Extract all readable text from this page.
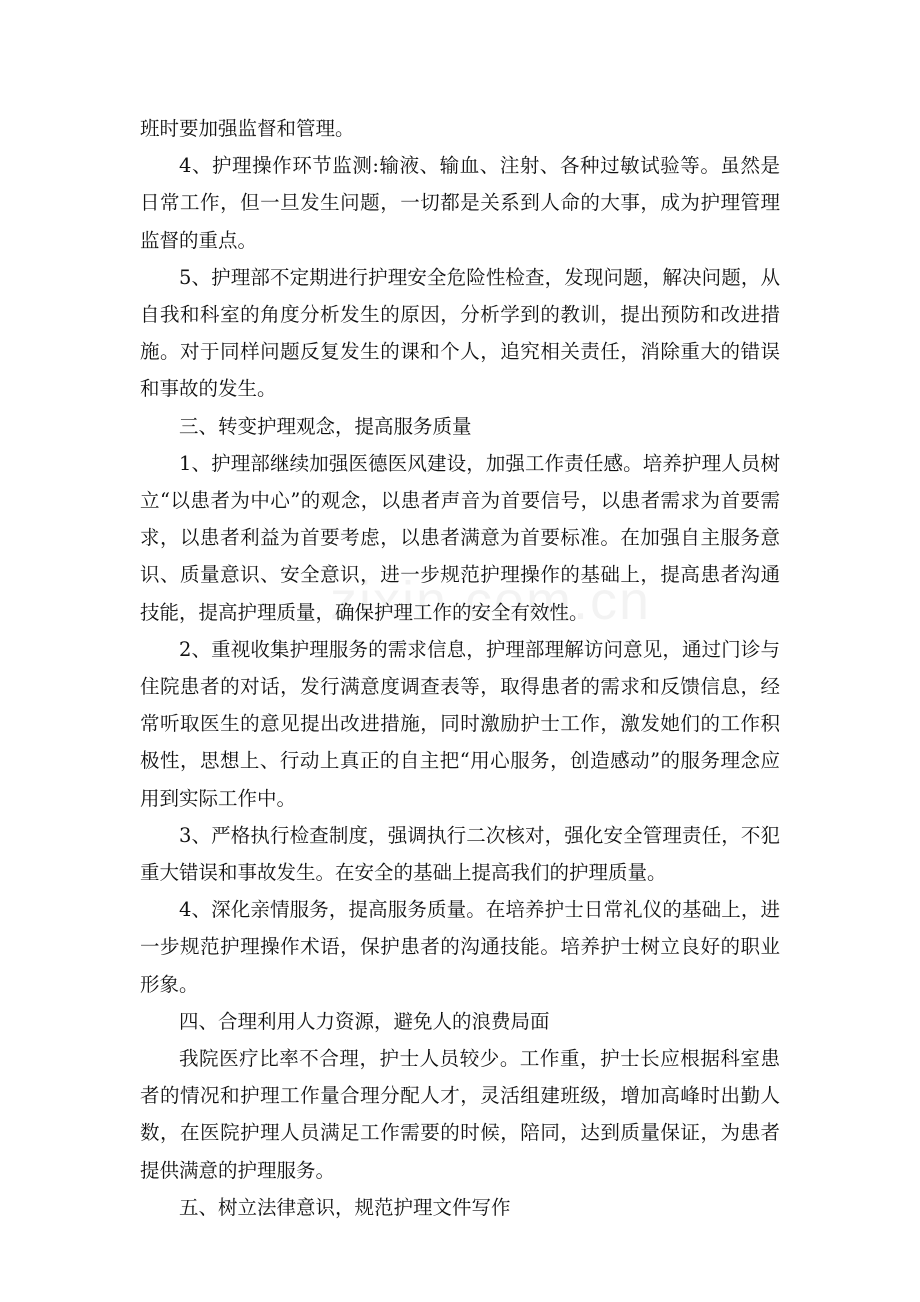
班时要加强监督和管理。

4、护理操作环节监测:输液、输血、注射、各种过敏试验等。虽然是日常工作，但一旦发生问题，一切都是关系到人命的大事，成为护理管理监督的重点。

5、护理部不定期进行护理安全危险性检查，发现问题，解决问题，从自我和科室的角度分析发生的原因，分析学到的教训，提出预防和改进措施。对于同样问题反复发生的课和个人，追究相关责任，消除重大的错误和事故的发生。

三、转变护理观念，提高服务质量

1、护理部继续加强医德医风建设，加强工作责任感。培养护理人员树立“以患者为中心”的观念，以患者声音为首要信号，以患者需求为首要需求，以患者利益为首要考虑，以患者满意为首要标准。在加强自主服务意识、质量意识、安全意识，进一步规范护理操作的基础上，提高患者沟通技能，提高护理质量，确保护理工作的安全有效性。

2、重视收集护理服务的需求信息，护理部理解访问意见，通过门诊与住院患者的对话，发行满意度调查表等，取得患者的需求和反馈信息，经常听取医生的意见提出改进措施，同时激励护士工作，激发她们的工作积极性，思想上、行动上真正的自主把“用心服务，创造感动”的服务理念应用到实际工作中。

3、严格执行检查制度，强调执行二次核对，强化安全管理责任，不犯重大错误和事故发生。在安全的基础上提高我们的护理质量。

4、深化亲情服务，提高服务质量。在培养护士日常礼仪的基础上，进一步规范护理操作术语，保护患者的沟通技能。培养护士树立良好的职业形象。

四、合理利用人力资源，避免人的浪费局面

我院医疗比率不合理，护士人员较少。工作重，护士长应根据科室患者的情况和护理工作量合理分配人才，灵活组建班级，增加高峰时出勤人数，在医院护理人员满足工作需要的时候，陪同，达到质量保证，为患者提供满意的护理服务。

五、树立法律意识，规范护理文件写作
